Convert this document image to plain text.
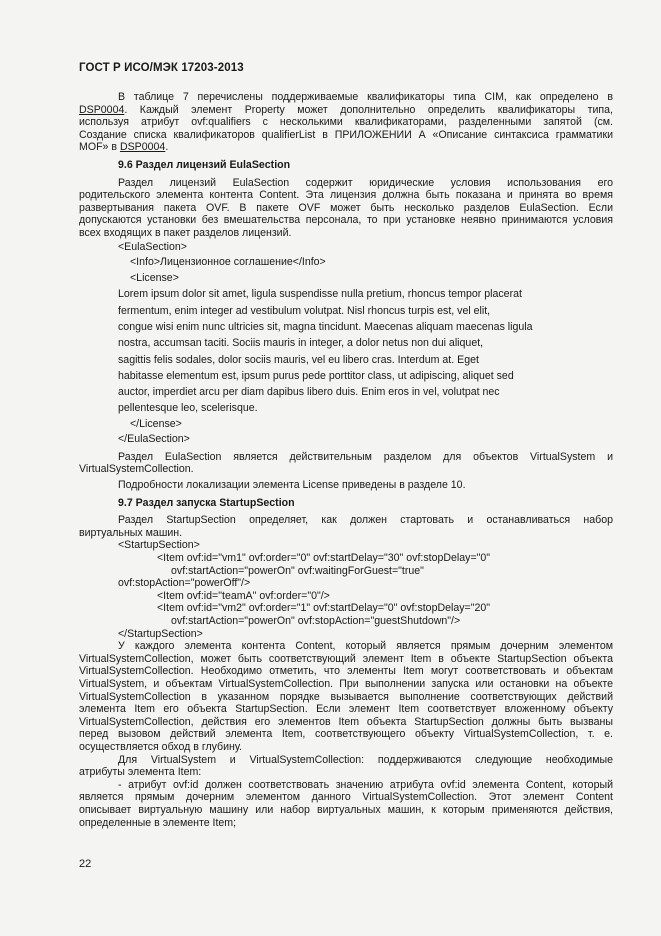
ГОСТ Р ИСО/МЭК 17203-2013

В таблице 7 перечислены поддерживаемые квалификаторы типа CIM, как определено в

DSP0004. Каждый элемент Property может дополнительно определить квалификаторы типа,

используя атрибут ovf:qualifiers с несколькими квалификаторами, разделенными запятой (см.

Создание списка квалификаторов qualifierList в ПРИЛОЖЕНИИ А «Описание синтаксиса грамматики

MOF» в DSP0004.

9.6 Раздел лицензий EulaSection

Раздел лицензий EulaSection содержит юридические условия использования его

родительского элемента контента Content. Эта лицензия должна быть показана и принята во время

развертывания пакета OVF. В пакете OVF может быть несколько разделов EulaSection. Если

допускаются установки без вмешательства персонала, то при установке неявно принимаются условия

всех входящих в пакет разделов лицензий.

<EulaSection>

<Info>Лицензионное соглашение</Info>

<License>

Lorem ipsum dolor sit amet, ligula suspendisse nulla pretium, rhoncus tempor placerat

fermentum, enim integer ad vestibulum volutpat. Nisl rhoncus turpis est, vel elit,

congue wisi enim nunc ultricies sit, magna tincidunt. Maecenas aliquam maecenas ligula

nostra, accumsan taciti. Sociis mauris in integer, a dolor netus non dui aliquet,

sagittis felis sodales, dolor sociis mauris, vel eu libero cras. Interdum at. Eget

habitasse elementum est, ipsum purus pede porttitor class, ut adipiscing, aliquet sed

auctor, imperdiet arcu per diam dapibus libero duis. Enim eros in vel, volutpat nec

pellentesque leo, scelerisque.

</License>

</EulaSection>

Раздел EulaSection является действительным разделом для объектов VirtualSystem и

VirtualSystemCollection.

Подробности локализации элемента License приведены в разделе 10.

9.7 Раздел запуска StartupSection

Раздел StartupSection определяет, как должен стартовать и останавливаться набор

виртуальных машин.

<StartupSection>

<Item ovf:id="vm1" ovf:order="0" ovf:startDelay="30" ovf:stopDelay="0"

ovf:startAction="powerOn" ovf:waitingForGuest="true"

ovf:stopAction="powerOff"/>

<Item ovf:id="teamA" ovf:order="0"/>

<Item ovf:id="vm2" ovf:order="1" ovf:startDelay="0" ovf:stopDelay="20"

ovf:startAction="powerOn" ovf:stopAction="guestShutdown"/>

</StartupSection>

У каждого элемента контента Content, который является прямым дочерним элементом

VirtualSystemCollection, может быть соответствующий элемент Item в объекте StartupSection объекта

VirtualSystemCollection. Необходимо отметить, что элементы Item могут соответствовать и объектам

VirtualSystem, и объектам VirtualSystemCollection. При выполнении запуска или остановки на объекте

VirtualSystemCollection в указанном порядке вызывается выполнение соответствующих действий

элемента Item его объекта StartupSection. Если элемент Item соответствует вложенному объекту

VirtualSystemCollection, действия его элементов Item объекта StartupSection должны быть вызваны

перед вызовом действий элемента Item, соответствующего объекту VirtualSystemCollection, т. е.

осуществляется обход в глубину.

Для VirtualSystem и VirtualSystemCollection: поддерживаются следующие необходимые

атрибуты элемента Item:

- атрибут ovf:id должен соответствовать значению атрибута ovf:id элемента Content, который

является прямым дочерним элементом данного VirtualSystemCollection. Этот элемент Content

описывает виртуальную машину или набор виртуальных машин, к которым применяются действия,

определенные в элементе Item;

22
